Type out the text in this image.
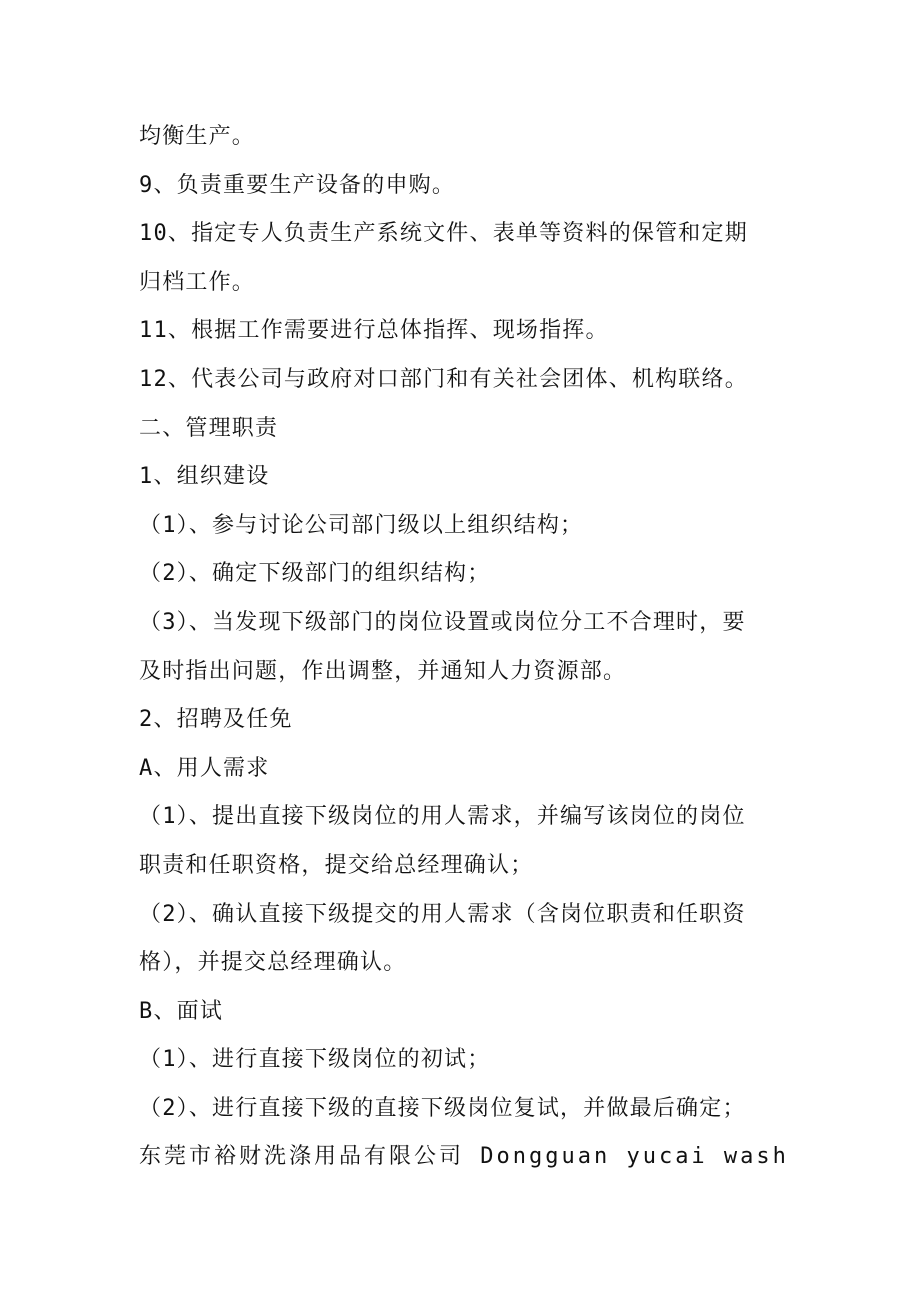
均衡生产。
9、负责重要生产设备的申购。
10、指定专人负责生产系统文件、表单等资料的保管和定期
归档工作。
11、根据工作需要进行总体指挥、现场指挥。
12、代表公司与政府对口部门和有关社会团体、机构联络。
二、管理职责
1、组织建设
（1）、参与讨论公司部门级以上组织结构；
（2）、确定下级部门的组织结构；
（3）、当发现下级部门的岗位设置或岗位分工不合理时，要
及时指出问题，作出调整，并通知人力资源部。
2、招聘及任免
A、用人需求
（1）、提出直接下级岗位的用人需求，并编写该岗位的岗位
职责和任职资格，提交给总经理确认；
（2）、确认直接下级提交的用人需求（含岗位职责和任职资
格），并提交总经理确认。
B、面试
（1）、进行直接下级岗位的初试；
（2）、进行直接下级的直接下级岗位复试，并做最后确定；
东莞市裕财洗涤用品有限公司 Dongguan yucai wash
